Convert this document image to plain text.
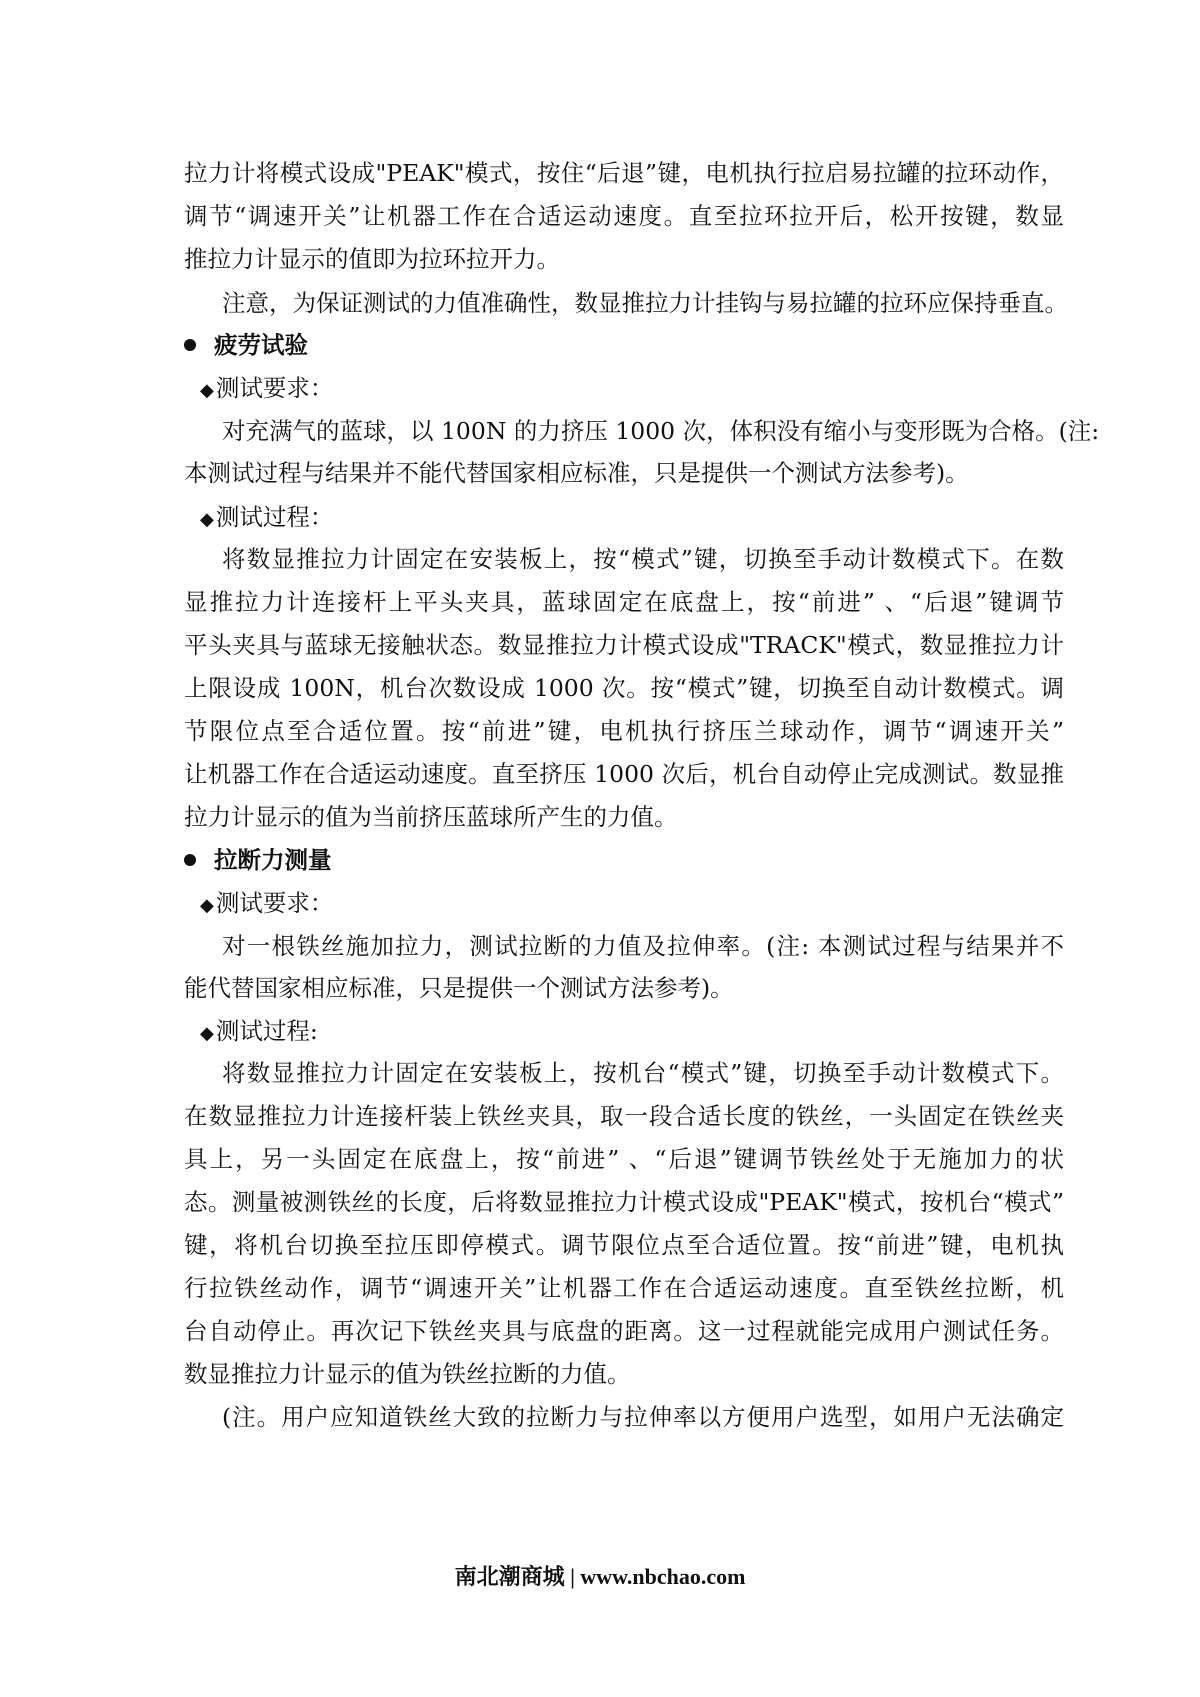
拉力计将模式设成"PEAK"模式，按住“后退”键，电机执行拉启易拉罐的拉环动作，
调节“调速开关”让机器工作在合适运动速度。直至拉环拉开后，松开按键，数显
推拉力计显示的值即为拉环拉开力。
注意，为保证测试的力值准确性，数显推拉力计挂钩与易拉罐的拉环应保持垂直。
疲劳试验
◆测试要求：
对充满气的蓝球，以 100N 的力挤压 1000 次，体积没有缩小与变形既为合格。(注:
本测试过程与结果并不能代替国家相应标准，只是提供一个测试方法参考)。
◆测试过程：
将数显推拉力计固定在安装板上，按“模式”键，切换至手动计数模式下。在数
显推拉力计连接杆上平头夹具，蓝球固定在底盘上，按“前进” 、“后退”键调节
平头夹具与蓝球无接触状态。数显推拉力计模式设成"TRACK"模式，数显推拉力计
上限设成 100N，机台次数设成 1000 次。按“模式”键，切换至自动计数模式。调
节限位点至合适位置。按“前进”键，电机执行挤压兰球动作，调节“调速开关”
让机器工作在合适运动速度。直至挤压 1000 次后，机台自动停止完成测试。数显推
拉力计显示的值为当前挤压蓝球所产生的力值。
拉断力测量
◆测试要求：
对一根铁丝施加拉力，测试拉断的力值及拉伸率。(注: 本测试过程与结果并不
能代替国家相应标准，只是提供一个测试方法参考)。
◆测试过程:
将数显推拉力计固定在安装板上，按机台“模式”键，切换至手动计数模式下。
在数显推拉力计连接杆装上铁丝夹具，取一段合适长度的铁丝，一头固定在铁丝夹
具上，另一头固定在底盘上，按“前进” 、“后退”键调节铁丝处于无施加力的状
态。测量被测铁丝的长度，后将数显推拉力计模式设成"PEAK"模式，按机台“模式”
键，将机台切换至拉压即停模式。调节限位点至合适位置。按“前进”键，电机执
行拉铁丝动作，调节“调速开关”让机器工作在合适运动速度。直至铁丝拉断，机
台自动停止。再次记下铁丝夹具与底盘的距离。这一过程就能完成用户测试任务。
数显推拉力计显示的值为铁丝拉断的力值。
(注。用户应知道铁丝大致的拉断力与拉伸率以方便用户选型，如用户无法确定
南北潮商城 | www.nbchao.com
